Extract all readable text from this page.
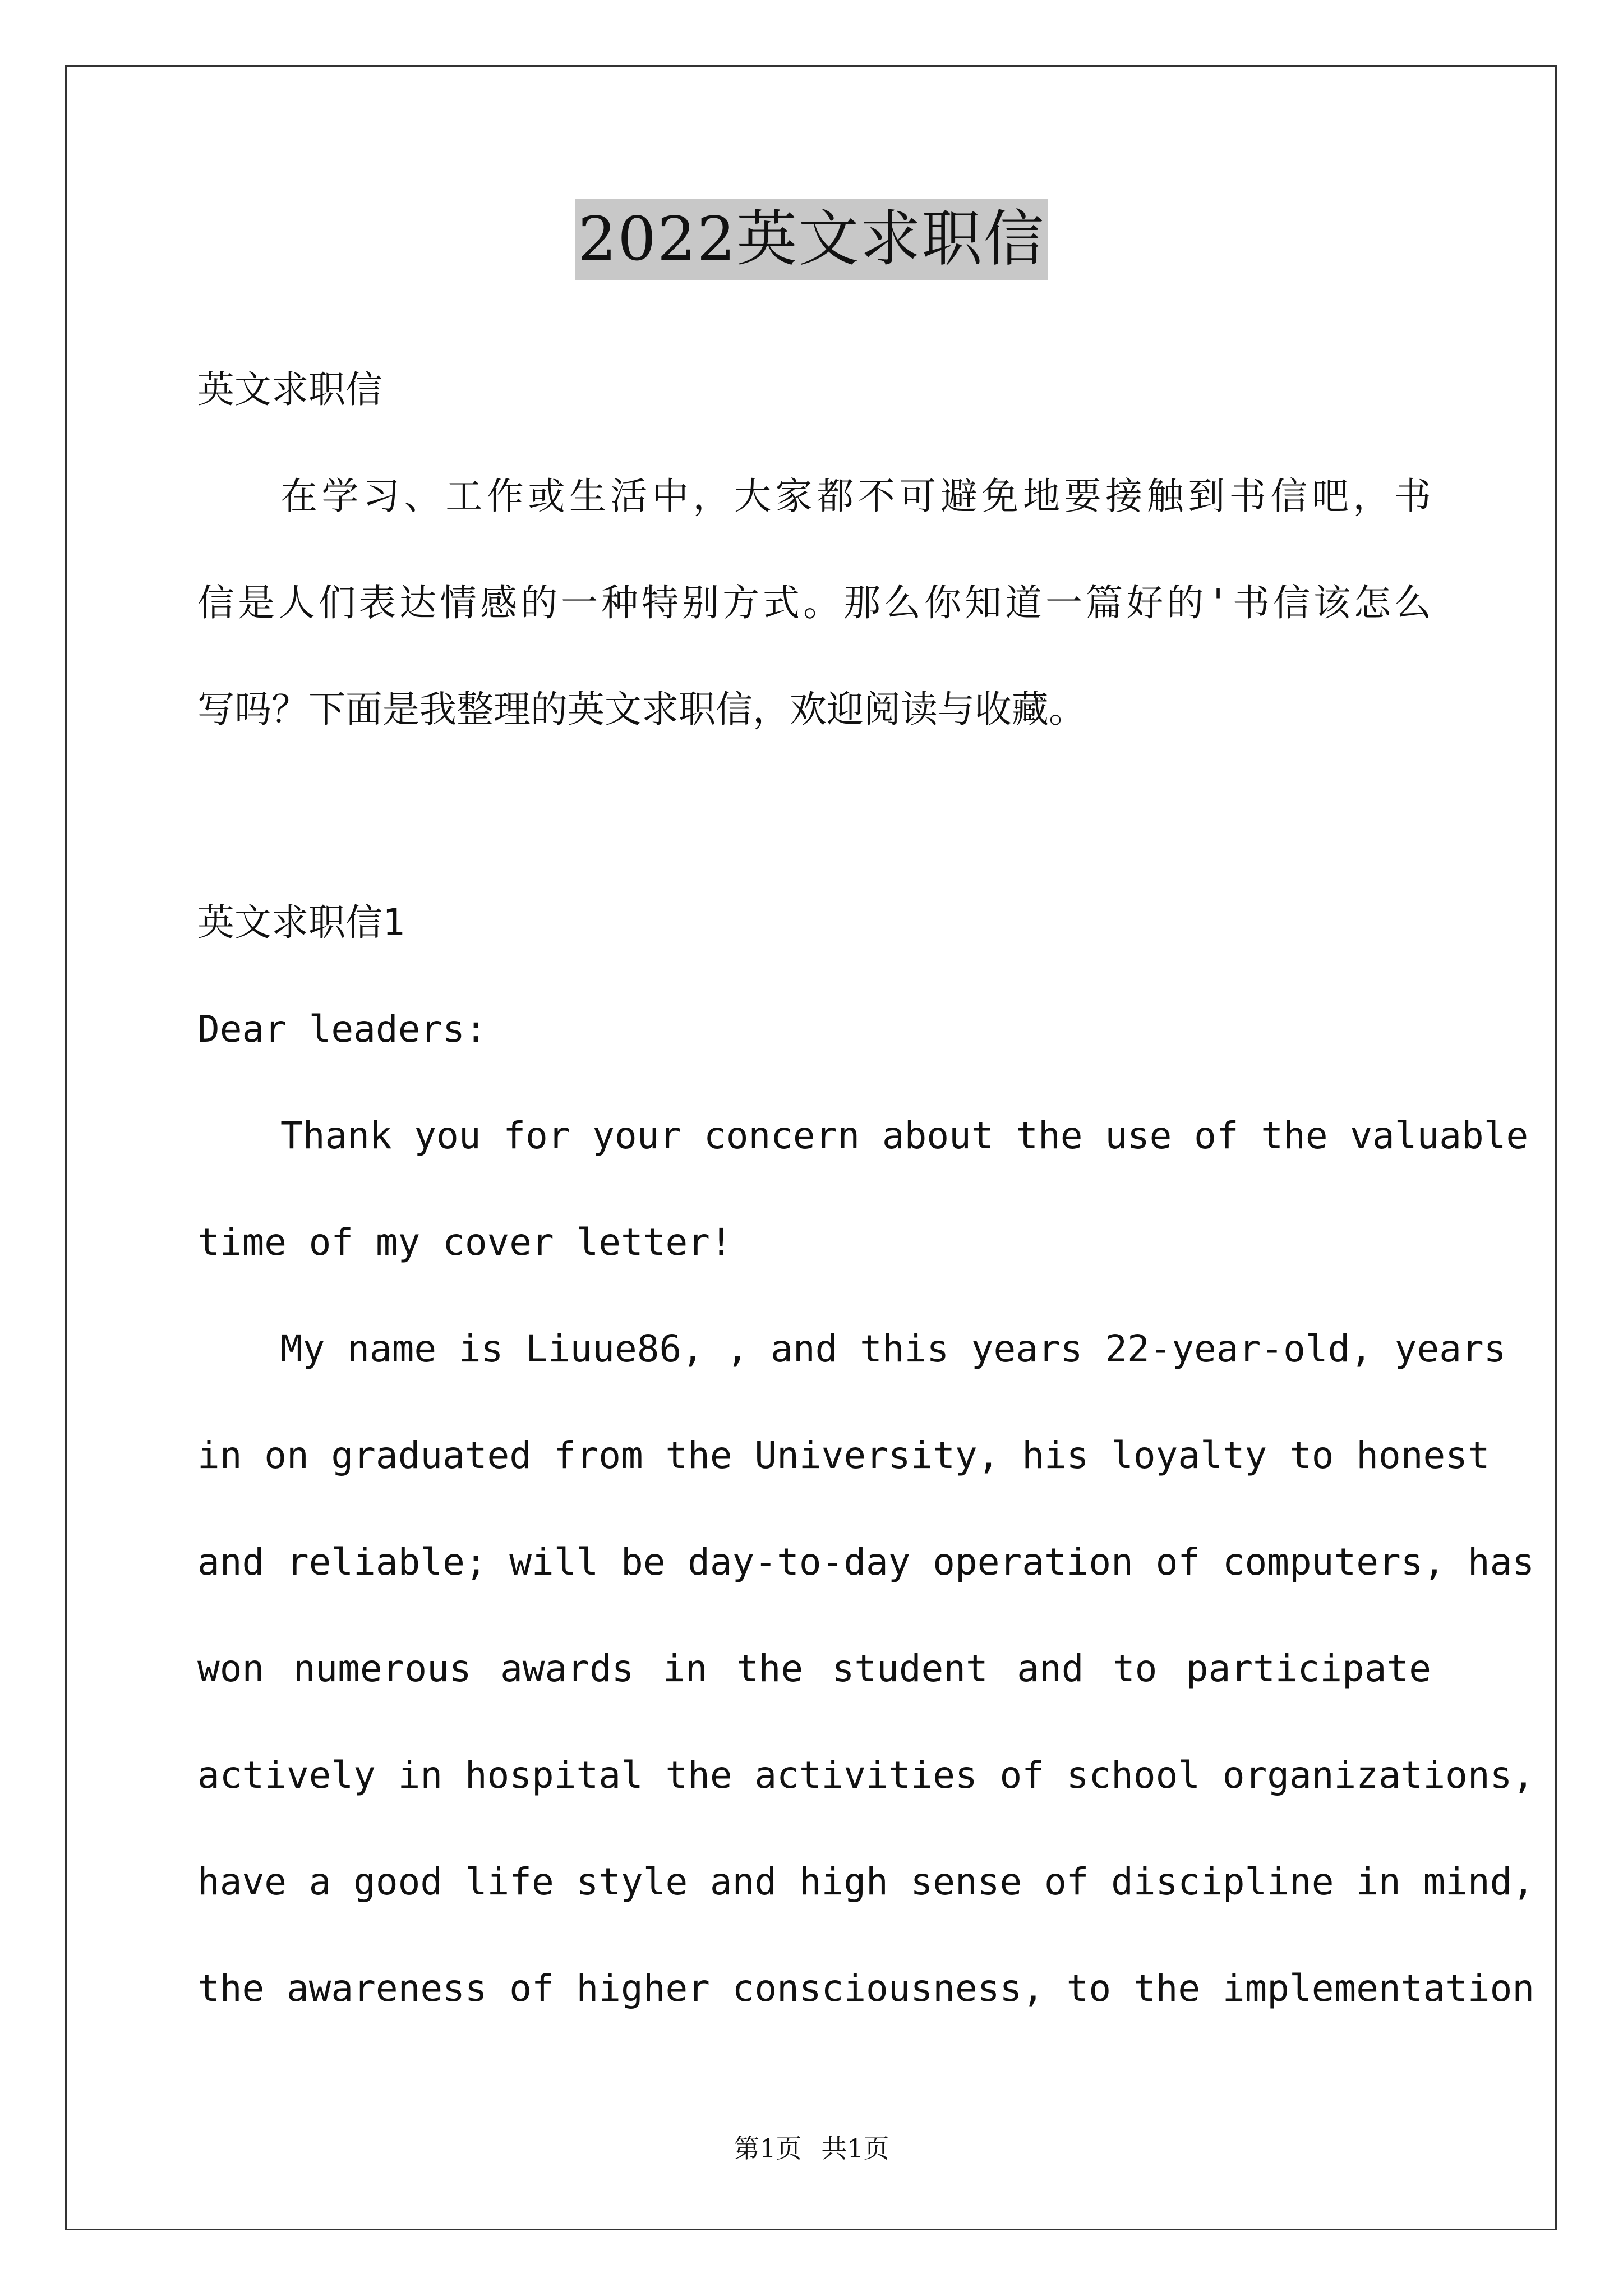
2022英文求职信
英文求职信
在学习、工作或生活中，大家都不可避免地要接触到书信吧，书
信是人们表达情感的一种特别方式。那么你知道一篇好的'书信该怎么
写吗？下面是我整理的英文求职信，欢迎阅读与收藏。
英文求职信1
Dear leaders:
Thank you for your concern about the use of the valuable
time of my cover letter!
My name is Liuue86, , and this years 22-year-old, years
in on graduated from the University, his loyalty to honest
and reliable; will be day-to-day operation of computers, has
won numerous awards in the student and to participate
actively in hospital the activities of school organizations,
have a good life style and high sense of discipline in mind,
the awareness of higher consciousness, to the implementation
第1页 共1页
